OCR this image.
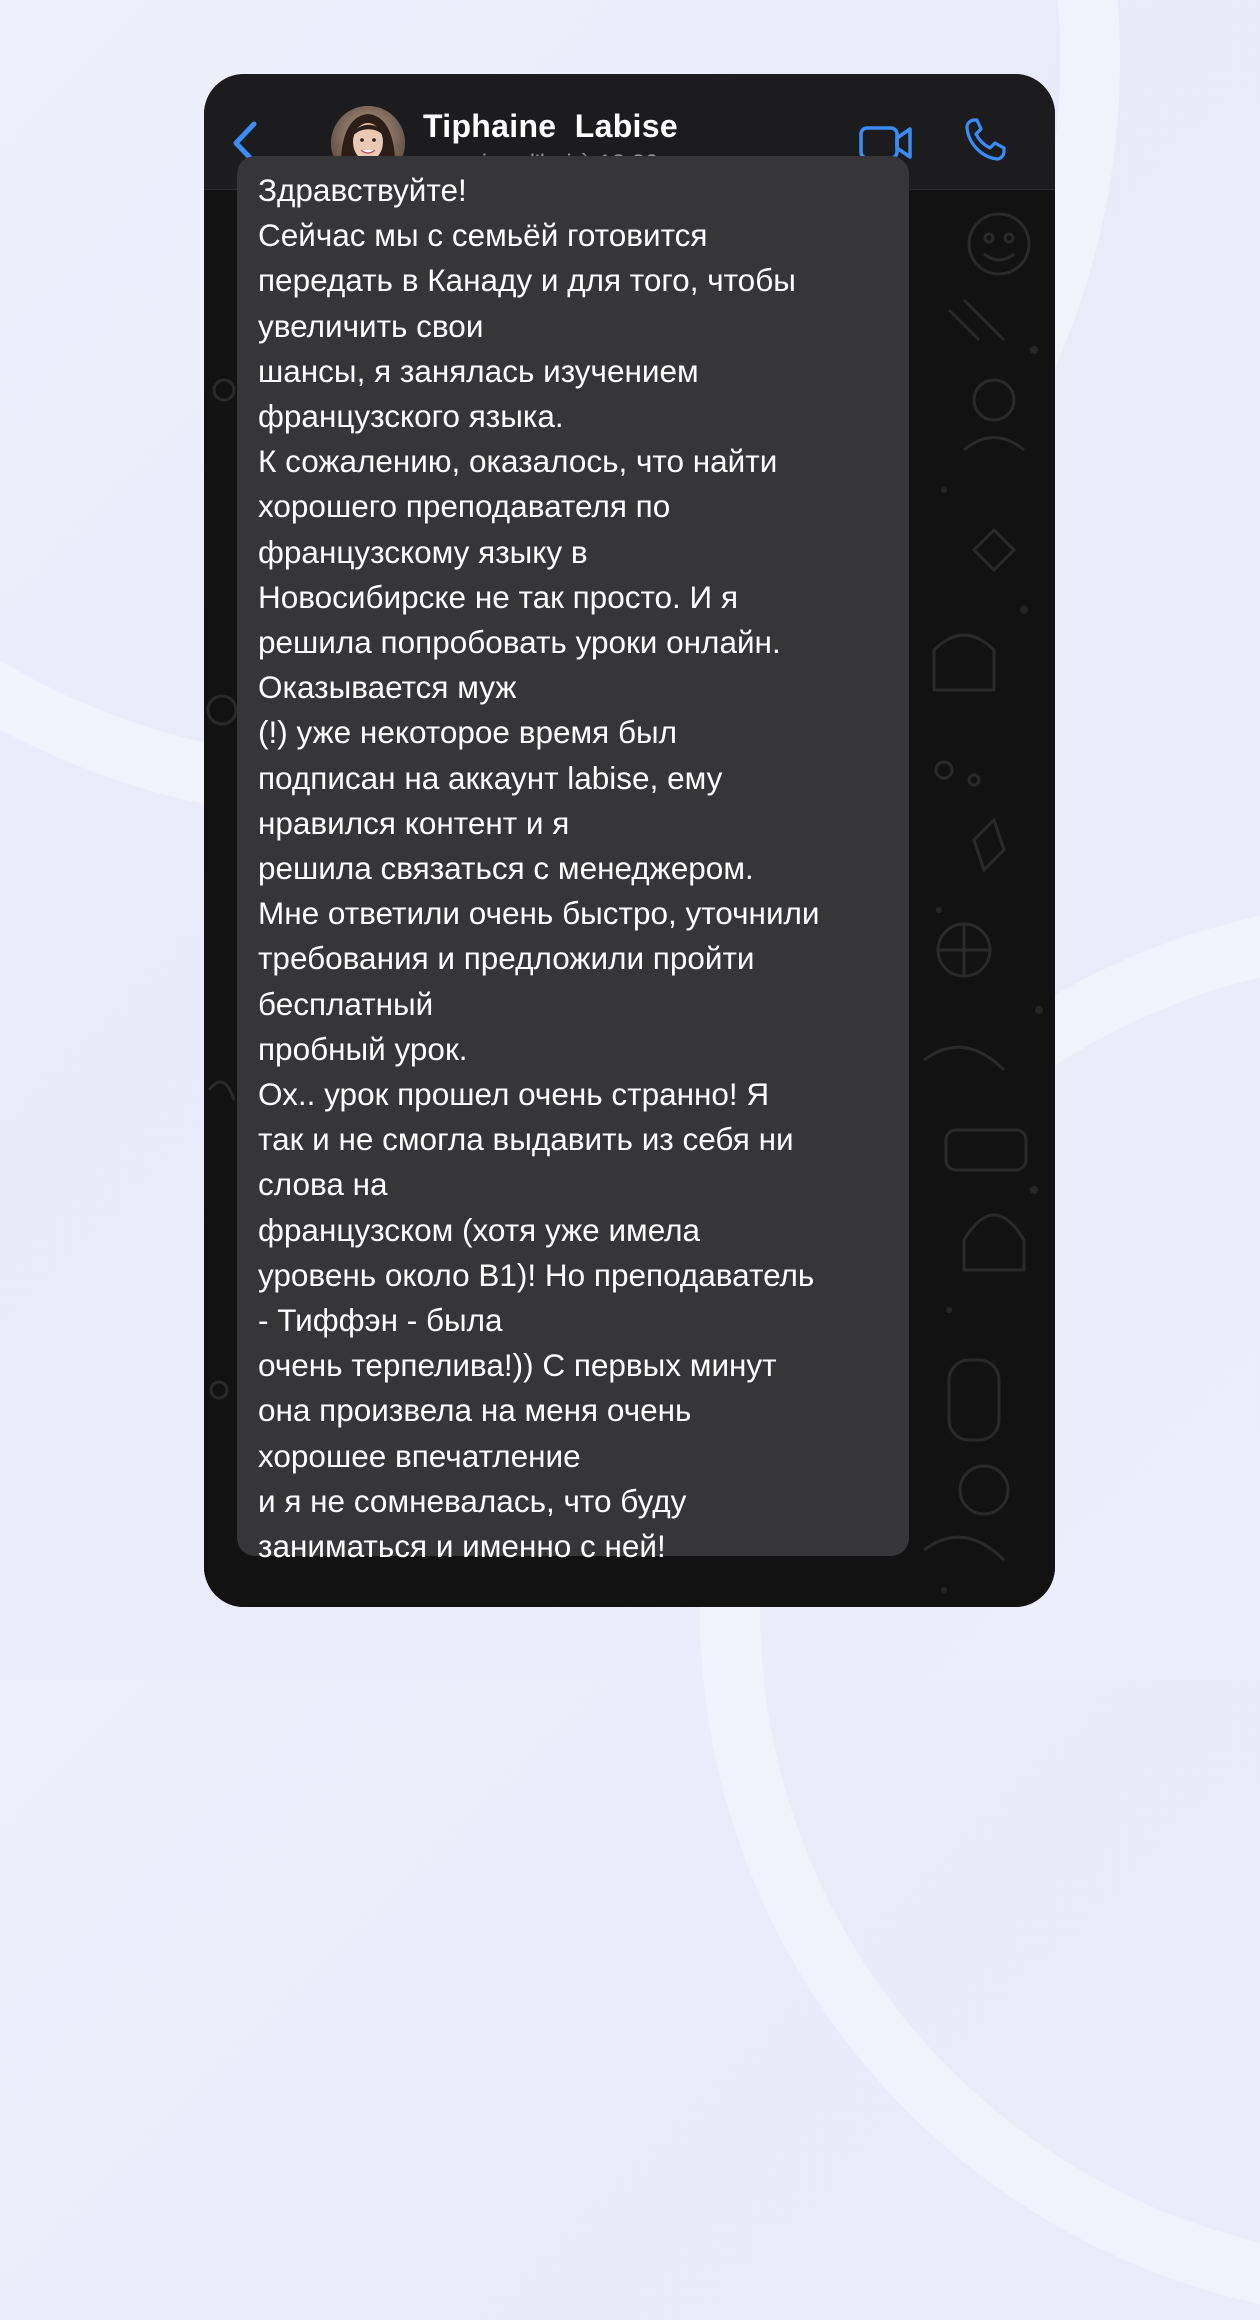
Tiphaine  Labise

Здравствуйте!

Сейчас мы с семьёй готовится

передать в Канаду и для того, чтобы

увеличить свои

шансы, я занялась изучением

французского языка.

К сожалению, оказалось, что найти

хорошего преподавателя по

французскому языку в

Новосибирске не так просто. И я

решила попробовать уроки онлайн.

Оказывается муж

(!) уже некоторое время был

подписан на аккаунт labise, ему

нравился контент и я

решила связаться с менеджером.

Мне ответили очень быстро, уточнили

требования и предложили пройти

бесплатный

пробный урок.

Ох.. урок прошел очень странно! Я

так и не смогла выдавить из себя ни

слова на

французском (хотя уже имела

уровень около В1)! Но преподаватель

- Тиффэн - была

очень терпелива!)) С первых минут

она произвела на меня очень

хорошее впечатление

и я не сомневалась, что буду

заниматься и именно с ней!
